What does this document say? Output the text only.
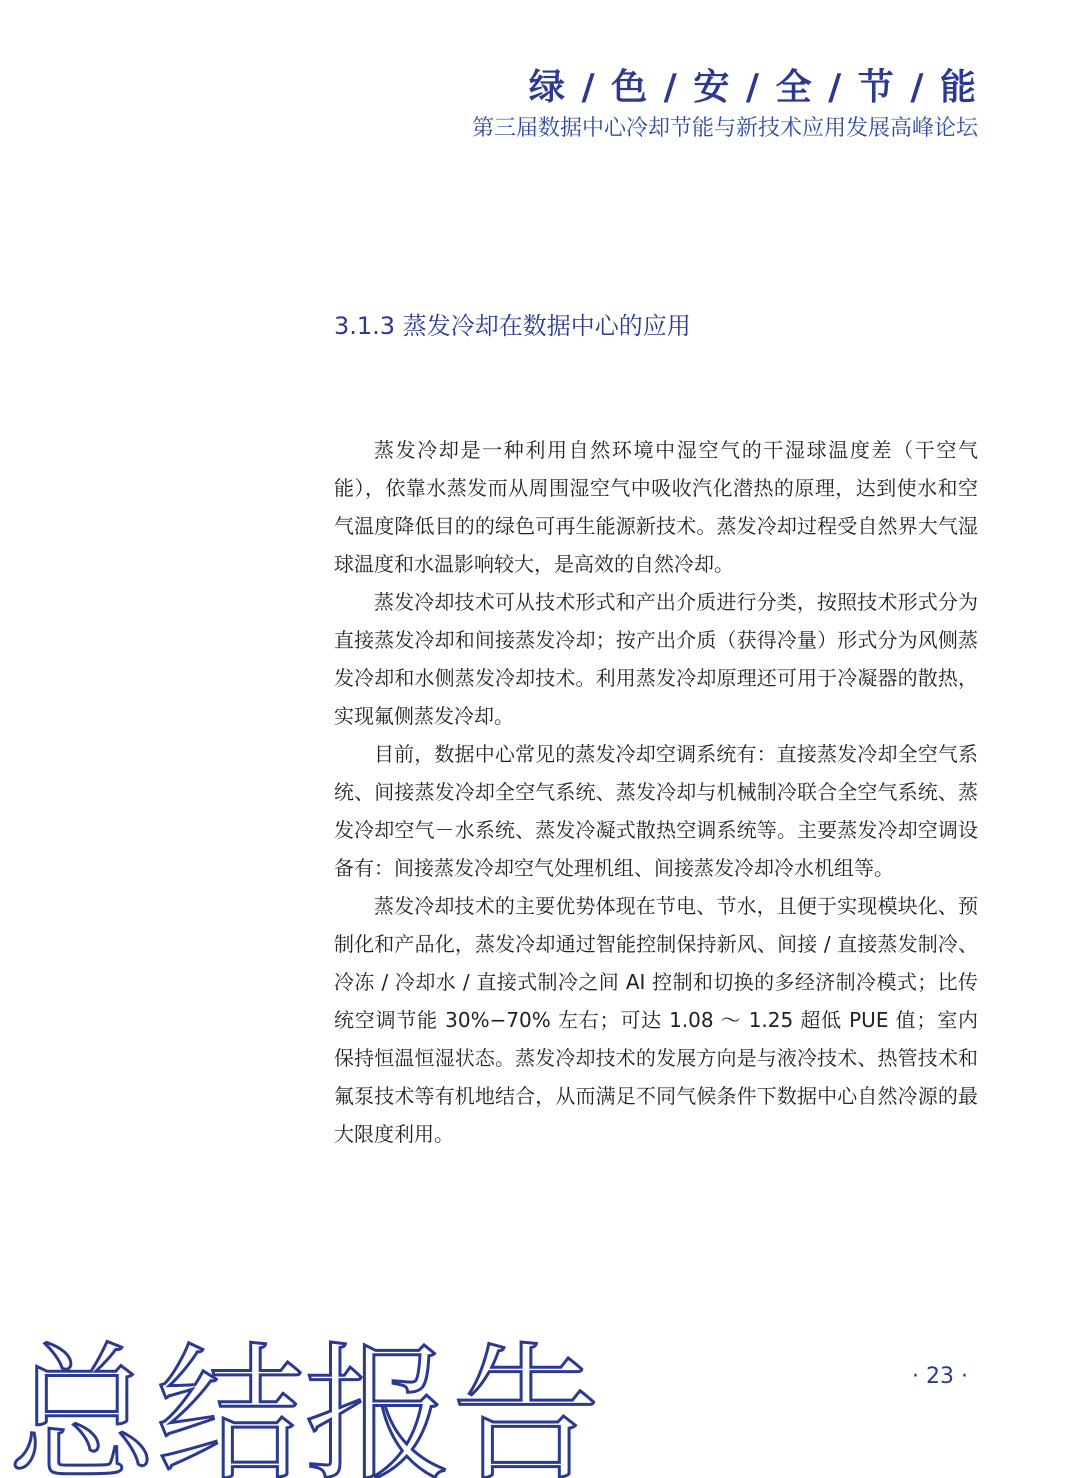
绿 / 色 / 安 / 全 / 节 / 能

第三届数据中心冷却节能与新技术应用发展高峰论坛

3.1.3 蒸发冷却在数据中心的应用

蒸发冷却是一种利用自然环境中湿空气的干湿球温度差（干空气能），依靠水蒸发而从周围湿空气中吸收汽化潜热的原理，达到使水和空气温度降低目的的绿色可再生能源新技术。蒸发冷却过程受自然界大气湿球温度和水温影响较大，是高效的自然冷却。

蒸发冷却技术可从技术形式和产出介质进行分类，按照技术形式分为直接蒸发冷却和间接蒸发冷却；按产出介质（获得冷量）形式分为风侧蒸发冷却和水侧蒸发冷却技术。利用蒸发冷却原理还可用于冷凝器的散热，实现氟侧蒸发冷却。

目前，数据中心常见的蒸发冷却空调系统有：直接蒸发冷却全空气系统、间接蒸发冷却全空气系统、蒸发冷却与机械制冷联合全空气系统、蒸发冷却空气－水系统、蒸发冷凝式散热空调系统等。主要蒸发冷却空调设备有：间接蒸发冷却空气处理机组、间接蒸发冷却冷水机组等。

蒸发冷却技术的主要优势体现在节电、节水，且便于实现模块化、预制化和产品化，蒸发冷却通过智能控制保持新风、间接 / 直接蒸发制冷、冷冻 / 冷却水 / 直接式制冷之间 AI 控制和切换的多经济制冷模式；比传统空调节能 30%−70% 左右；可达 1.08 ～ 1.25 超低 PUE 值；室内保持恒温恒湿状态。蒸发冷却技术的发展方向是与液冷技术、热管技术和氟泵技术等有机地结合，从而满足不同气候条件下数据中心自然冷源的最大限度利用。

总结报告	· 23 ·
